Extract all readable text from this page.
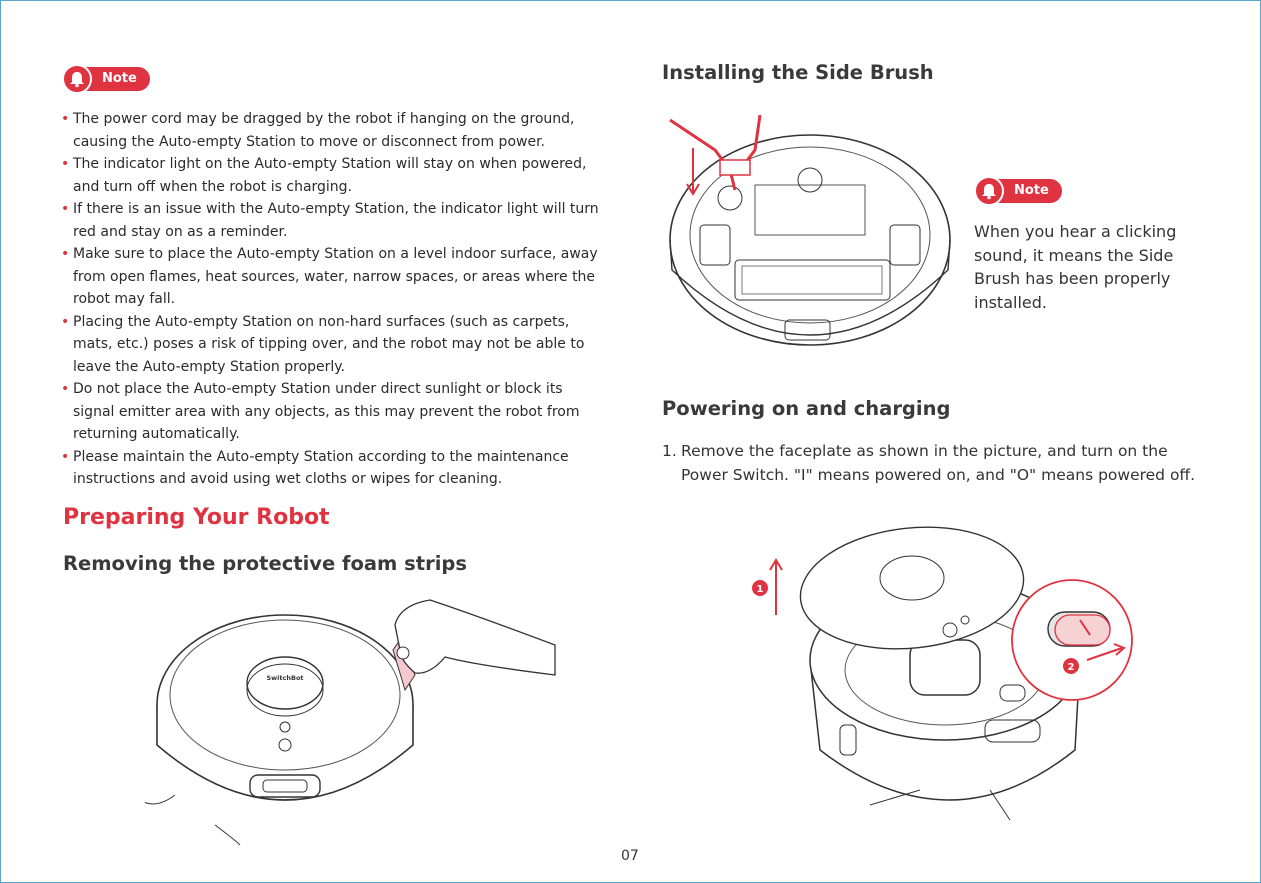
Note
• The power cord may be dragged by the robot if hanging on the ground, causing the Auto-empty Station to move or disconnect from power.
• The indicator light on the Auto-empty Station will stay on when powered, and turn off when the robot is charging.
• If there is an issue with the Auto-empty Station, the indicator light will turn red and stay on as a reminder.
• Make sure to place the Auto-empty Station on a level indoor surface, away from open flames, heat sources, water, narrow spaces, or areas where the robot may fall.
• Placing the Auto-empty Station on non-hard surfaces (such as carpets, mats, etc.) poses a risk of tipping over, and the robot may not be able to leave the Auto-empty Station properly.
• Do not place the Auto-empty Station under direct sunlight or block its signal emitter area with any objects, as this may prevent the robot from returning automatically.
• Please maintain the Auto-empty Station according to the maintenance instructions and avoid using wet cloths or wipes for cleaning.
Preparing Your Robot
Removing the protective foam strips
SwitchBot
Installing the Side Brush
Note
When you hear a clicking sound, it means the Side Brush has been properly installed.
Powering on and charging
1. Remove the faceplate as shown in the picture, and turn on the Power Switch. "I" means powered on, and "O" means powered off.
2
1
07
